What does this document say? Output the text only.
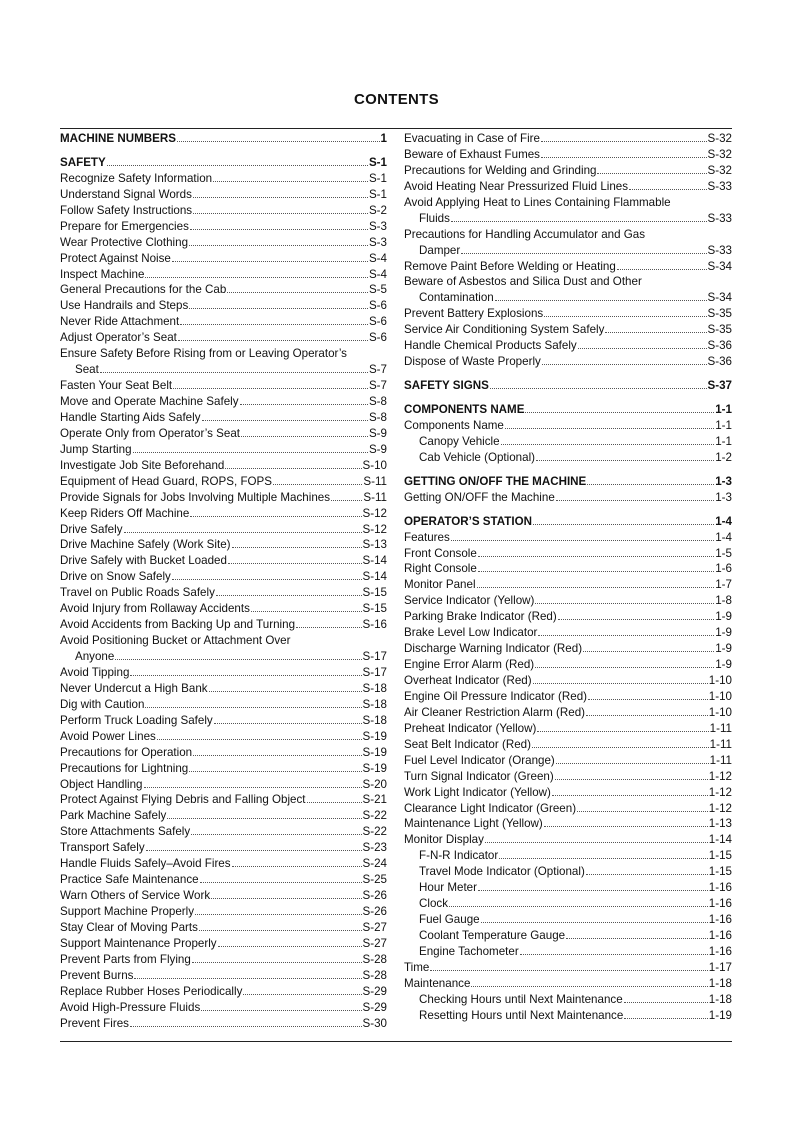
CONTENTS
MACHINE NUMBERS	1
SAFETY	S-1
Recognize Safety Information	S-1
Understand Signal Words	S-1
Follow Safety Instructions	S-2
Prepare for Emergencies	S-3
Wear Protective Clothing	S-3
Protect Against Noise	S-4
Inspect Machine	S-4
General Precautions for the Cab	S-5
Use Handrails and Steps	S-6
Never Ride Attachment	S-6
Adjust Operator’s Seat	S-6
Ensure Safety Before Rising from or Leaving Operator’s
Seat	S-7
Fasten Your Seat Belt	S-7
Move and Operate Machine Safely	S-8
Handle Starting Aids Safely	S-8
Operate Only from Operator’s Seat	S-9
Jump Starting	S-9
Investigate Job Site Beforehand	S-10
Equipment of Head Guard, ROPS, FOPS	S-11
Provide Signals for Jobs Involving Multiple Machines	S-11
Keep Riders Off Machine	S-12
Drive Safely	S-12
Drive Machine Safely (Work Site)	S-13
Drive Safely with Bucket Loaded	S-14
Drive on Snow Safely	S-14
Travel on Public Roads Safely	S-15
Avoid Injury from Rollaway Accidents	S-15
Avoid Accidents from Backing Up and Turning	S-16
Avoid Positioning Bucket or Attachment Over
Anyone	S-17
Avoid Tipping	S-17
Never Undercut a High Bank	S-18
Dig with Caution	S-18
Perform Truck Loading Safely	S-18
Avoid Power Lines	S-19
Precautions for Operation	S-19
Precautions for Lightning	S-19
Object Handling	S-20
Protect Against Flying Debris and Falling Object	S-21
Park Machine Safely	S-22
Store Attachments Safely	S-22
Transport Safely	S-23
Handle Fluids Safely–Avoid Fires	S-24
Practice Safe Maintenance	S-25
Warn Others of Service Work	S-26
Support Machine Properly	S-26
Stay Clear of Moving Parts	S-27
Support Maintenance Properly	S-27
Prevent Parts from Flying	S-28
Prevent Burns	S-28
Replace Rubber Hoses Periodically	S-29
Avoid High-Pressure Fluids	S-29
Prevent Fires	S-30
Evacuating in Case of Fire	S-32
Beware of Exhaust Fumes	S-32
Precautions for Welding and Grinding	S-32
Avoid Heating Near Pressurized Fluid Lines	S-33
Avoid Applying Heat to Lines Containing Flammable
Fluids	S-33
Precautions for Handling Accumulator and Gas
Damper	S-33
Remove Paint Before Welding or Heating	S-34
Beware of Asbestos and Silica Dust and Other
Contamination	S-34
Prevent Battery Explosions	S-35
Service Air Conditioning System Safely	S-35
Handle Chemical Products Safely	S-36
Dispose of Waste Properly	S-36
SAFETY SIGNS	S-37
COMPONENTS NAME	1-1
Components Name	1-1
Canopy Vehicle	1-1
Cab Vehicle (Optional)	1-2
GETTING ON/OFF THE MACHINE	1-3
Getting ON/OFF the Machine	1-3
OPERATOR’S STATION	1-4
Features	1-4
Front Console	1-5
Right Console	1-6
Monitor Panel	1-7
Service Indicator (Yellow)	1-8
Parking Brake Indicator (Red)	1-9
Brake Level Low Indicator	1-9
Discharge Warning Indicator (Red)	1-9
Engine Error Alarm (Red)	1-9
Overheat Indicator (Red)	1-10
Engine Oil Pressure Indicator (Red)	1-10
Air Cleaner Restriction Alarm (Red)	1-10
Preheat Indicator (Yellow)	1-11
Seat Belt Indicator (Red)	1-11
Fuel Level Indicator (Orange)	1-11
Turn Signal Indicator (Green)	1-12
Work Light Indicator (Yellow)	1-12
Clearance Light Indicator (Green)	1-12
Maintenance Light (Yellow)	1-13
Monitor Display	1-14
F-N-R Indicator	1-15
Travel Mode Indicator (Optional)	1-15
Hour Meter	1-16
Clock	1-16
Fuel Gauge	1-16
Coolant Temperature Gauge	1-16
Engine Tachometer	1-16
Time	1-17
Maintenance	1-18
Checking Hours until Next Maintenance	1-18
Resetting Hours until Next Maintenance	1-19
